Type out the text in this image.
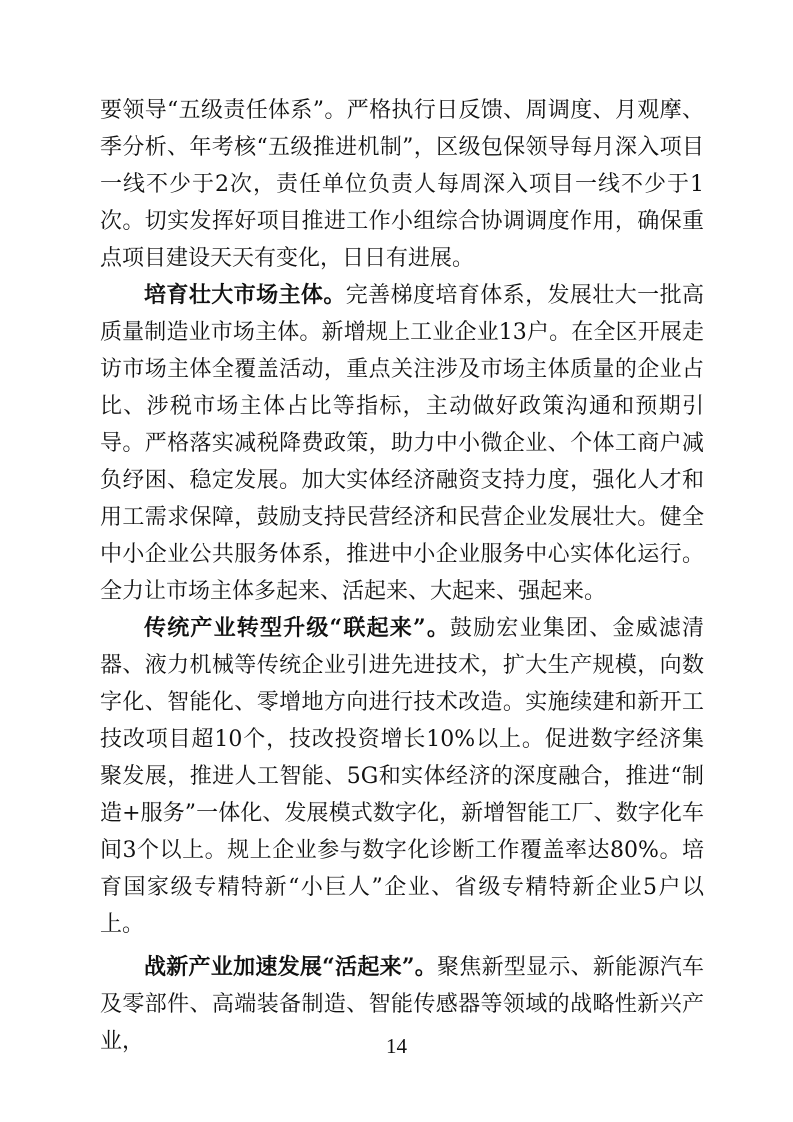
要领导“五级责任体系”。严格执行日反馈、周调度、月观摩、季分析、年考核“五级推进机制”，区级包保领导每月深入项目一线不少于2次，责任单位负责人每周深入项目一线不少于1次。切实发挥好项目推进工作小组综合协调调度作用，确保重点项目建设天天有变化，日日有进展。

培育壮大市场主体。完善梯度培育体系，发展壮大一批高质量制造业市场主体。新增规上工业企业13户。在全区开展走访市场主体全覆盖活动，重点关注涉及市场主体质量的企业占比、涉税市场主体占比等指标，主动做好政策沟通和预期引导。严格落实减税降费政策，助力中小微企业、个体工商户减负纾困、稳定发展。加大实体经济融资支持力度，强化人才和用工需求保障，鼓励支持民营经济和民营企业发展壮大。健全中小企业公共服务体系，推进中小企业服务中心实体化运行。全力让市场主体多起来、活起来、大起来、强起来。

传统产业转型升级“联起来”。鼓励宏业集团、金威滤清器、液力机械等传统企业引进先进技术，扩大生产规模，向数字化、智能化、零增地方向进行技术改造。实施续建和新开工技改项目超10个，技改投资增长10%以上。促进数字经济集聚发展，推进人工智能、5G和实体经济的深度融合，推进“制造+服务”一体化、发展模式数字化，新增智能工厂、数字化车间3个以上。规上企业参与数字化诊断工作覆盖率达80%。培育国家级专精特新“小巨人”企业、省级专精特新企业5户以上。

战新产业加速发展“活起来”。聚焦新型显示、新能源汽车及零部件、高端装备制造、智能传感器等领域的战略性新兴产业，	14
